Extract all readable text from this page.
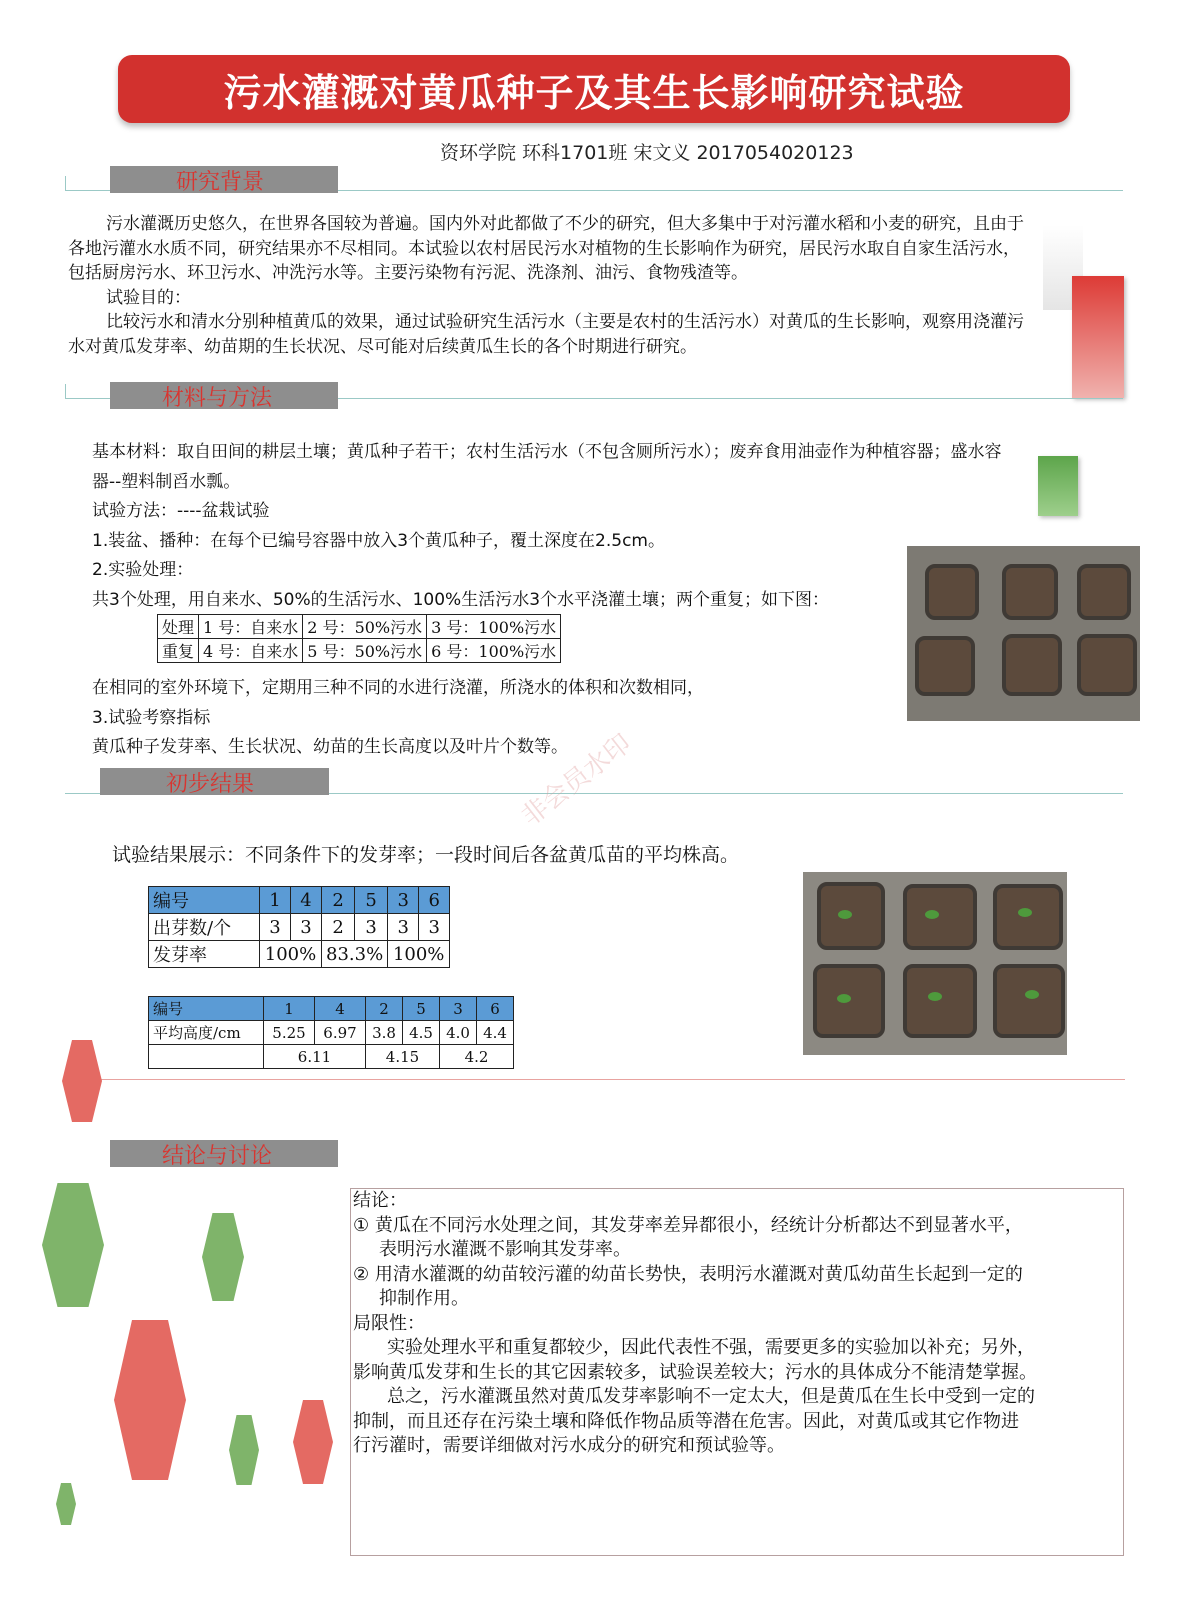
污水灌溉对黄瓜种子及其生长影响研究试验
资环学院 环科1701班 宋文义 2017054020123
研究背景
污水灌溉历史悠久，在世界各国较为普遍。国内外对此都做了不少的研究，但大多集中于对污灌水稻和小麦的研究，且由于
各地污灌水水质不同，研究结果亦不尽相同。本试验以农村居民污水对植物的生长影响作为研究，居民污水取自自家生活污水，
包括厨房污水、环卫污水、冲洗污水等。主要污染物有污泥、洗涤剂、油污、食物残渣等。
试验目的：
比较污水和清水分别种植黄瓜的效果，通过试验研究生活污水（主要是农村的生活污水）对黄瓜的生长影响，观察用浇灌污
水对黄瓜发芽率、幼苗期的生长状况、尽可能对后续黄瓜生长的各个时期进行研究。
材料与方法
基本材料：取自田间的耕层土壤；黄瓜种子若干；农村生活污水（不包含厕所污水）；废弃食用油壶作为种植容器；盛水容
器--塑料制舀水瓢。
试验方法：----盆栽试验
1.装盆、播种：在每个已编号容器中放入3个黄瓜种子，覆土深度在2.5cm。
2.实验处理：
共3个处理，用自来水、50%的生活污水、100%生活污水3个水平浇灌土壤；两个重复；如下图：
处理	1 号：自来水	2 号：50%污水	3 号：100%污水
重复	4 号：自来水	5 号：50%污水	6 号：100%污水
在相同的室外环境下，定期用三种不同的水进行浇灌，所浇水的体积和次数相同，
3.试验考察指标
黄瓜种子发芽率、生长状况、幼苗的生长高度以及叶片个数等。
初步结果	非会员水印
试验结果展示：不同条件下的发芽率；一段时间后各盆黄瓜苗的平均株高。
编号	1	4	2	5	3	6
出芽数/个	3	3	2	3	3	3
发芽率	100%		83.3%		100%	
编号	1	4	2	5	3	6
平均高度/cm	5.25	6.97	3.8	4.5	4.0	4.4
	6.11		4.15		4.2	
结论与讨论
结论：
① 黄瓜在不同污水处理之间，其发芽率差异都很小，经统计分析都达不到显著水平，
表明污水灌溉不影响其发芽率。
② 用清水灌溉的幼苗较污灌的幼苗长势快，表明污水灌溉对黄瓜幼苗生长起到一定的
抑制作用。
局限性：
实验处理水平和重复都较少，因此代表性不强，需要更多的实验加以补充；另外，
影响黄瓜发芽和生长的其它因素较多，试验误差较大；污水的具体成分不能清楚掌握。
总之，污水灌溉虽然对黄瓜发芽率影响不一定太大，但是黄瓜在生长中受到一定的
抑制，而且还存在污染土壤和降低作物品质等潜在危害。因此，对黄瓜或其它作物进
行污灌时，需要详细做对污水成分的研究和预试验等。
